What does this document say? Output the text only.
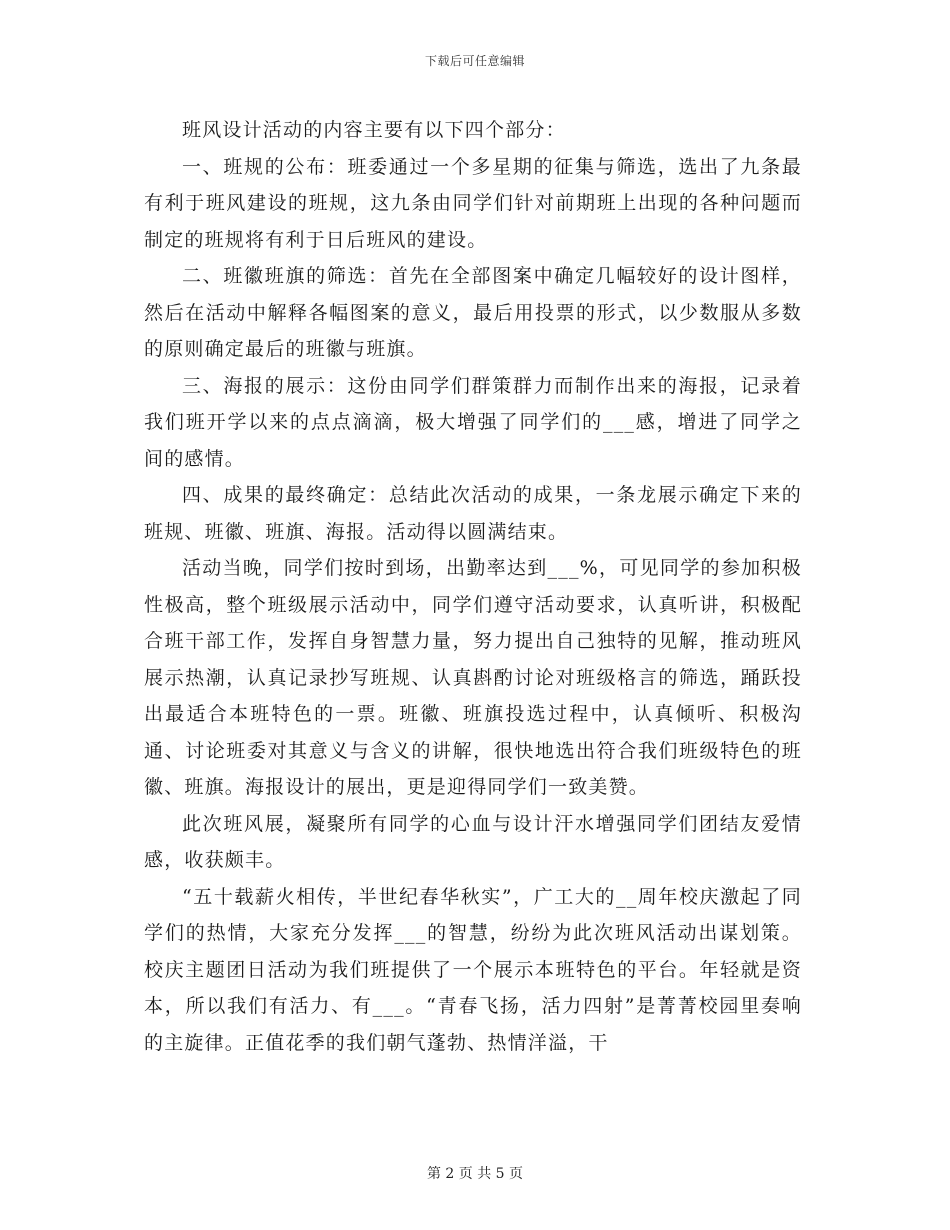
下载后可任意编辑

班风设计活动的内容主要有以下四个部分：

一、班规的公布：班委通过一个多星期的征集与筛选，选出了九条最有利于班风建设的班规，这九条由同学们针对前期班上出现的各种问题而制定的班规将有利于日后班风的建设。

二、班徽班旗的筛选：首先在全部图案中确定几幅较好的设计图样，然后在活动中解释各幅图案的意义，最后用投票的形式，以少数服从多数的原则确定最后的班徽与班旗。

三、海报的展示：这份由同学们群策群力而制作出来的海报，记录着我们班开学以来的点点滴滴，极大增强了同学们的___感，增进了同学之间的感情。

四、成果的最终确定：总结此次活动的成果，一条龙展示确定下来的班规、班徽、班旗、海报。活动得以圆满结束。

活动当晚，同学们按时到场，出勤率达到___%，可见同学的参加积极性极高，整个班级展示活动中，同学们遵守活动要求，认真听讲，积极配合班干部工作，发挥自身智慧力量，努力提出自己独特的见解，推动班风展示热潮，认真记录抄写班规、认真斟酌讨论对班级格言的筛选，踊跃投出最适合本班特色的一票。班徽、班旗投选过程中，认真倾听、积极沟通、讨论班委对其意义与含义的讲解，很快地选出符合我们班级特色的班徽、班旗。海报设计的展出，更是迎得同学们一致美赞。

此次班风展，凝聚所有同学的心血与设计汗水增强同学们团结友爱情感，收获颇丰。

“五十载薪火相传，半世纪春华秋实”，广工大的__周年校庆激起了同学们的热情，大家充分发挥___的智慧，纷纷为此次班风活动出谋划策。校庆主题团日活动为我们班提供了一个展示本班特色的平台。年轻就是资本，所以我们有活力、有___。“青春飞扬，活力四射”是菁菁校园里奏响的主旋律。正值花季的我们朝气蓬勃、热情洋溢，干

第 2 页 共 5 页
